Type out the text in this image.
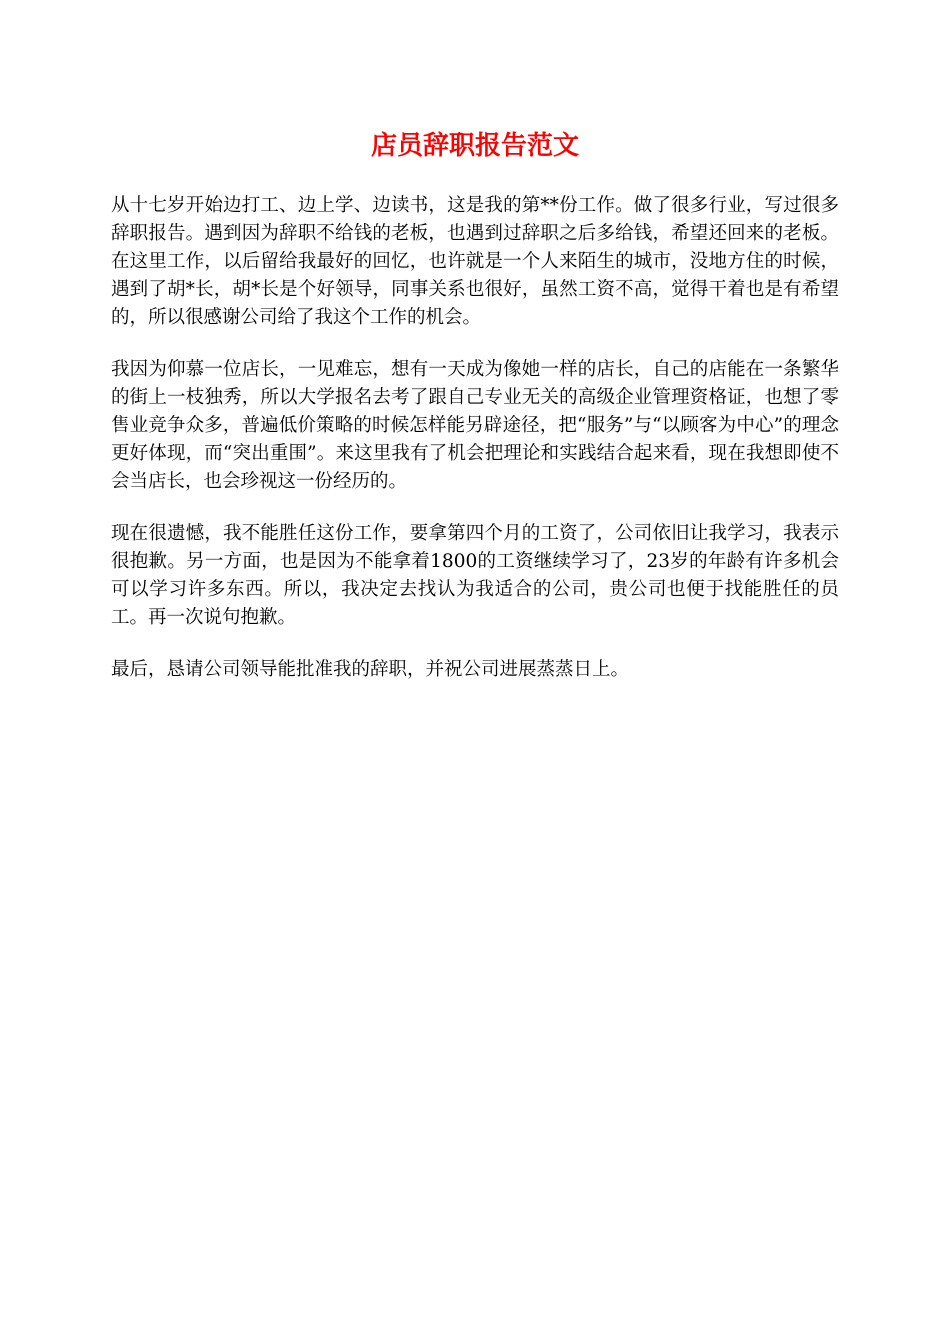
店员辞职报告范文

从十七岁开始边打工、边上学、边读书，这是我的第**份工作。做了很多行业，写过很多辞职报告。遇到因为辞职不给钱的老板，也遇到过辞职之后多给钱，希望还回来的老板。在这里工作，以后留给我最好的回忆，也许就是一个人来陌生的城市，没地方住的时候，遇到了胡*长，胡*长是个好领导，同事关系也很好，虽然工资不高，觉得干着也是有希望的，所以很感谢公司给了我这个工作的机会。

我因为仰慕一位店长，一见难忘，想有一天成为像她一样的店长，自己的店能在一条繁华的街上一枝独秀，所以大学报名去考了跟自己专业无关的高级企业管理资格证，也想了零售业竞争众多，普遍低价策略的时候怎样能另辟途径，把“服务”与“以顾客为中心”的理念更好体现，而“突出重围”。来这里我有了机会把理论和实践结合起来看，现在我想即使不会当店长，也会珍视这一份经历的。

现在很遗憾，我不能胜任这份工作，要拿第四个月的工资了，公司依旧让我学习，我表示很抱歉。另一方面，也是因为不能拿着1800的工资继续学习了，23岁的年龄有许多机会可以学习许多东西。所以，我决定去找认为我适合的公司，贵公司也便于找能胜任的员工。再一次说句抱歉。

最后，恳请公司领导能批准我的辞职，并祝公司进展蒸蒸日上。
